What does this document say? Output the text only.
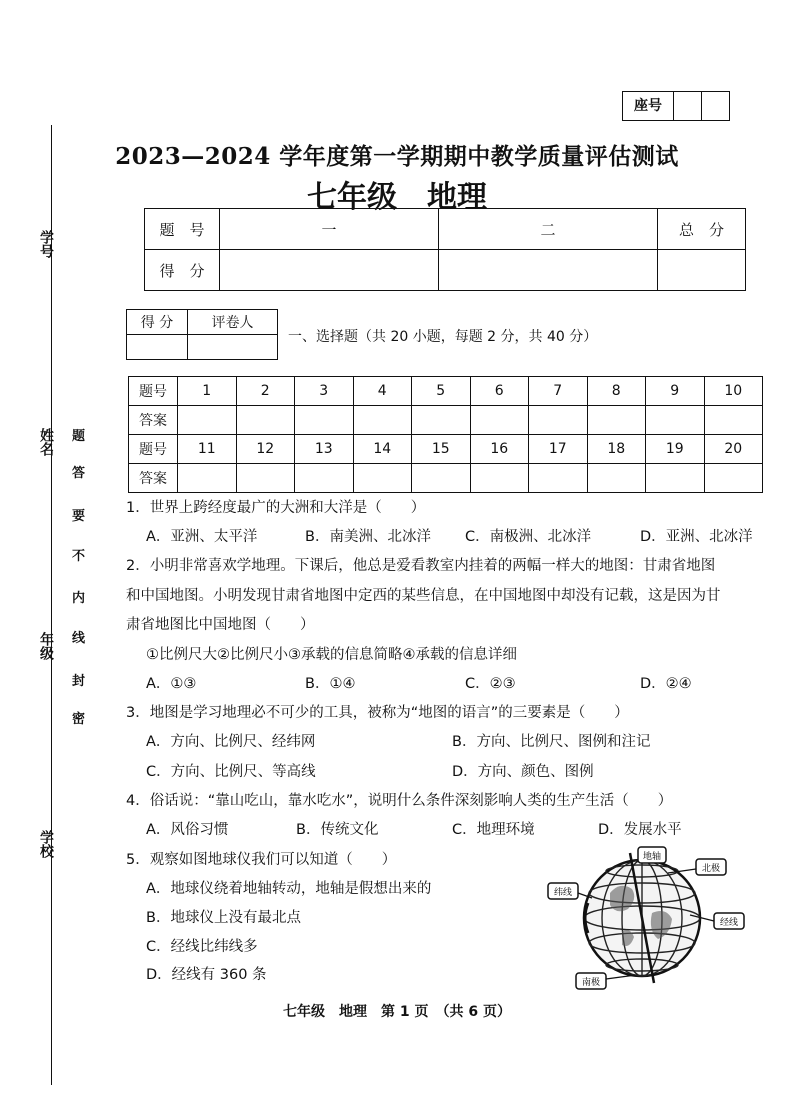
学号
姓名
年级
学校
题
答
要
不
内
线
封
密
座号
2023—2024 学年度第一学期期中教学质量评估测试
七年级　地理
题　号	一	二	总　分
得　分			
得 分	评卷人

一、选择题（共 20 小题，每题 2 分，共 40 分）
题号	1	2	3	4	5	6	7	8	9	10
答案										
题号	11	12	13	14	15	16	17	18	19	20
答案										
1．世界上跨经度最广的大洲和大洋是（　　）
A．亚洲、太平洋	B．南美洲、北冰洋 C．南极洲、北冰洋	D．亚洲、北冰洋
2．小明非常喜欢学地理。下课后，他总是爱看教室内挂着的两幅一样大的地图：甘肃省地图
和中国地图。小明发现甘肃省地图中定西的某些信息，在中国地图中却没有记载，这是因为甘
肃省地图比中国地图（　　）
①比例尺大②比例尺小③承载的信息简略④承载的信息详细
A．①③	B．①④	C．②③	D．②④
3．地图是学习地理必不可少的工具，被称为“地图的语言”的三要素是（　　）
A．方向、比例尺、经纬网	B．方向、比例尺、图例和注记
C．方向、比例尺、等高线	D．方向、颜色、图例
4．俗话说：“靠山吃山，靠水吃水”，说明什么条件深刻影响人类的生产生活（　　）
A．风俗习惯	B．传统文化	C．地理环境	D．发展水平
5．观察如图地球仪我们可以知道（　　）
A．地球仪绕着地轴转动，地轴是假想出来的
B．地球仪上没有最北点
C．经线比纬线多
D．经线有 360 条
地轴
北极
纬线
经线
南极
七年级　地理　第 1 页　（共 6 页）
